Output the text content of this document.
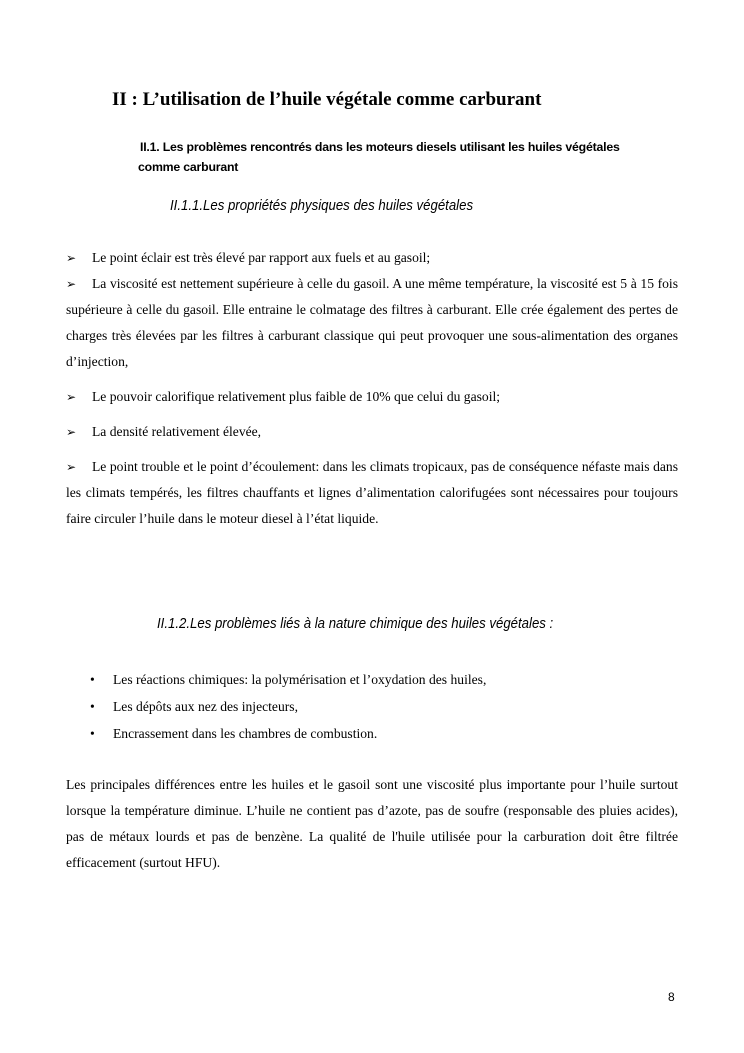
II : L’utilisation de l’huile végétale comme carburant
II.1. Les problèmes rencontrés dans les moteurs diesels utilisant les huiles végétales
comme carburant
II.1.1.Les propriétés physiques des huiles végétales
➢ Le point éclair est très élevé par rapport aux fuels et au gasoil;
➢ La viscosité est nettement supérieure à celle du gasoil. A une même température, la viscosité est 5 à 15 fois supérieure à celle du gasoil. Elle entraine le colmatage des filtres à carburant. Elle crée également des pertes de charges très élevées par les filtres à carburant classique qui peut provoquer une sous-alimentation des organes d’injection,
➢ Le pouvoir calorifique relativement plus faible de 10% que celui du gasoil;
➢ La densité relativement élevée,
➢ Le point trouble et le point d’écoulement: dans les climats tropicaux, pas de conséquence néfaste mais dans les climats tempérés, les filtres chauffants et lignes d’alimentation calorifugées sont nécessaires pour toujours faire circuler l’huile dans le moteur diesel à l’état liquide.
II.1.2.Les problèmes liés à la nature chimique des huiles végétales :
• Les réactions chimiques: la polymérisation et l’oxydation des huiles,
• Les dépôts aux nez des injecteurs,
• Encrassement dans les chambres de combustion.
Les principales différences entre les huiles et le gasoil sont une viscosité plus importante pour l’huile surtout lorsque la température diminue. L’huile ne contient pas d’azote, pas de soufre (responsable des pluies acides), pas de métaux lourds et pas de benzène. La qualité de l'huile utilisée pour la carburation doit être filtrée efficacement (surtout HFU).
8
